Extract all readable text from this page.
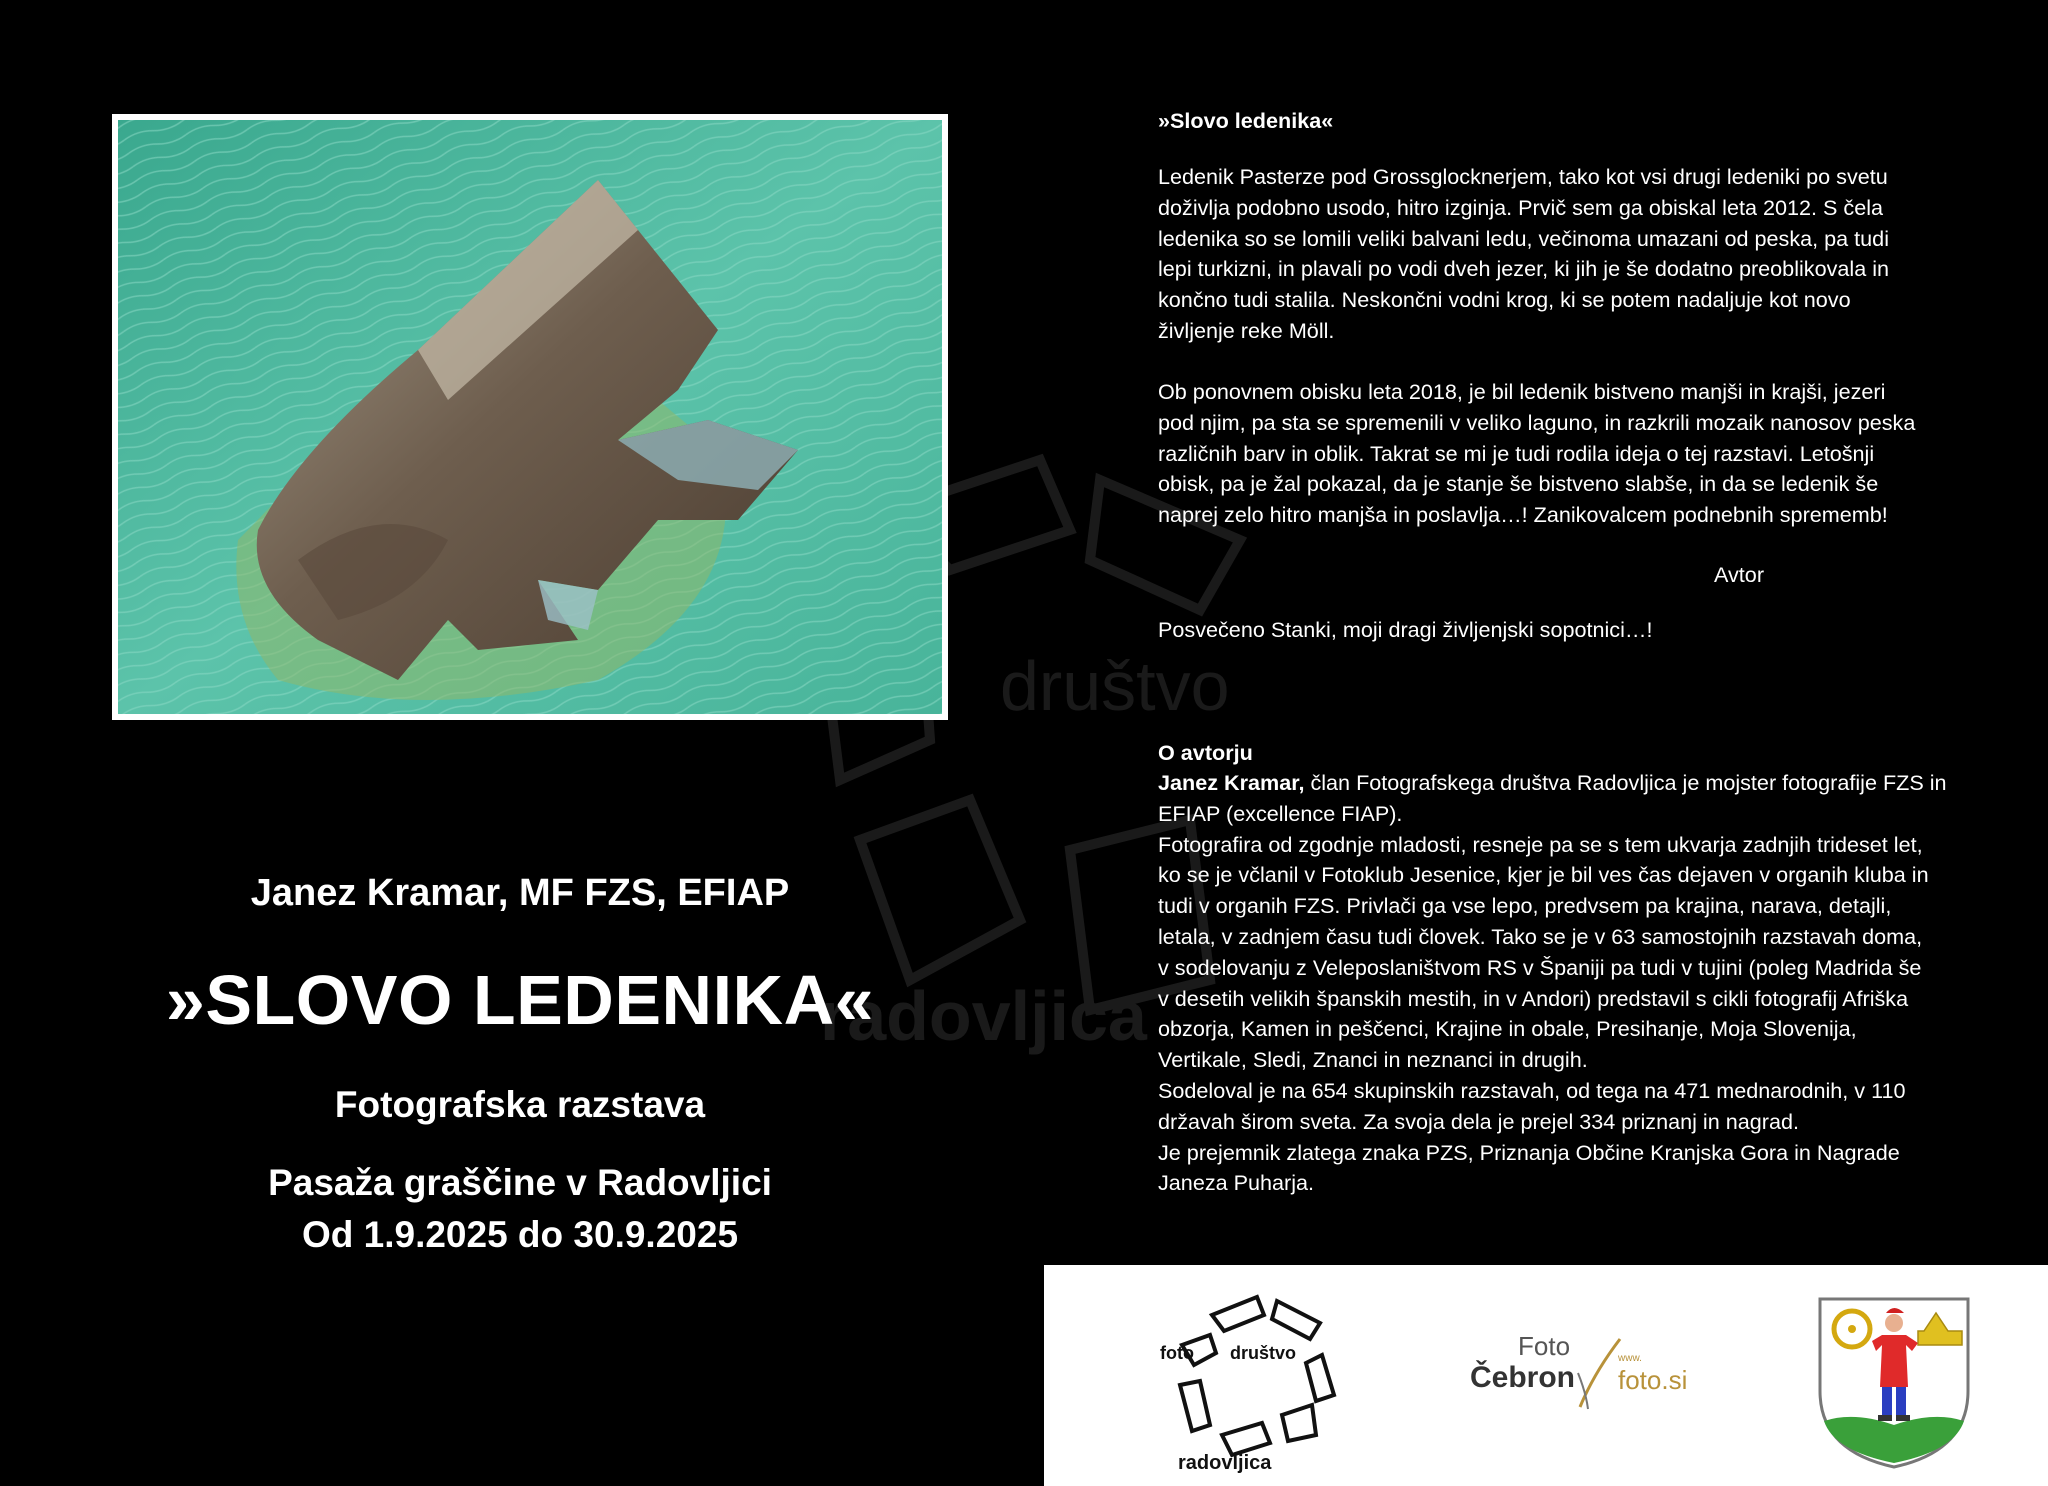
društvo
radovljica
Janez Kramar, MF FZS, EFIAP
»SLOVO LEDENIKA«
Fotografska razstava
Pasaža graščine v Radovljici
Od 1.9.2025 do 30.9.2025
»Slovo ledenika«

Ledenik Pasterze pod Grossglocknerjem, tako kot vsi drugi ledeniki po svetu

doživlja podobno usodo, hitro izginja. Prvič sem ga obiskal leta 2012. S čela

ledenika so se lomili veliki balvani ledu, večinoma umazani od peska, pa tudi

lepi turkizni, in plavali po vodi dveh jezer, ki jih je še dodatno preoblikovala in

končno tudi stalila. Neskončni vodni krog, ki se potem nadaljuje kot novo

življenje reke Möll.

Ob ponovnem obisku leta 2018, je bil ledenik bistveno manjši in krajši, jezeri

pod njim, pa sta se spremenili v veliko laguno, in razkrili mozaik nanosov peska

različnih barv in oblik. Takrat se mi je tudi rodila ideja o tej razstavi. Letošnji

obisk, pa je žal pokazal, da je stanje še bistveno slabše, in da se ledenik še

naprej zelo hitro manjša in poslavlja…! Zanikovalcem podnebnih sprememb!

Avtor
Posvečeno Stanki, moji dragi življenjski sopotnici…!
O avtorju

Janez Kramar, član Fotografskega društva Radovljica je mojster fotografije FZS in

EFIAP (excellence FIAP).

Fotografira od zgodnje mladosti, resneje pa se s tem ukvarja zadnjih trideset let,

ko se je včlanil v Fotoklub Jesenice, kjer je bil ves čas dejaven v organih kluba in

tudi v organih FZS. Privlači ga vse lepo, predvsem pa krajina, narava, detajli,

letala, v zadnjem času tudi človek. Tako se je v 63 samostojnih razstavah doma,

v sodelovanju z Veleposlaništvom RS v Španiji pa tudi v tujini (poleg Madrida še

v desetih velikih španskih mestih, in v Andori) predstavil s cikli fotografij Afriška

obzorja, Kamen in peščenci, Krajine in obale, Presihanje, Moja Slovenija,

Vertikale, Sledi, Znanci in neznanci in drugih.

Sodeloval je na 654 skupinskih razstavah, od tega na 471 mednarodnih, v 110

državah širom sveta. Za svoja dela je prejel 334 priznanj in nagrad.

Je prejemnik zlatega znaka PZS, Priznanja Občine Kranjska Gora in Nagrade

Janeza Puharja.

foto društvo
radovljica
Foto
Čebron
www.
foto.si
